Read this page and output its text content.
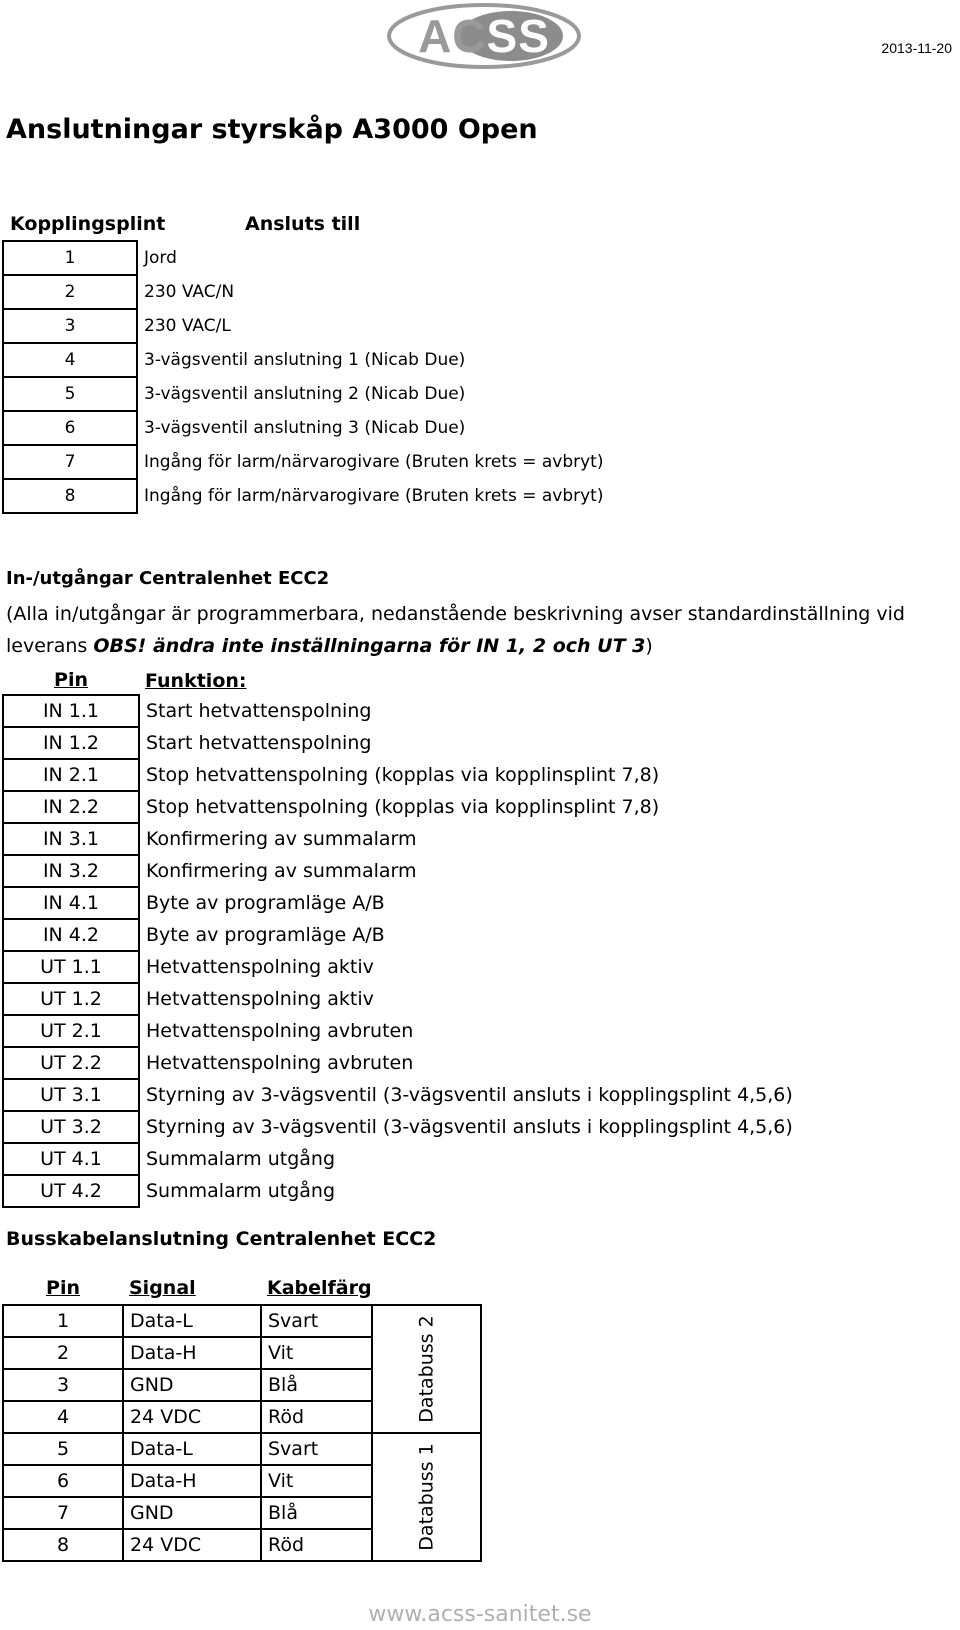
ACSS	2013-11-20
Anslutningar styrskåp A3000 Open
Kopplingsplint	Ansluts till
1	Jord
2	230 VAC/N
3	230 VAC/L
4	3-vägsventil anslutning 1 (Nicab Due)
5	3-vägsventil anslutning 2 (Nicab Due)
6	3-vägsventil anslutning 3 (Nicab Due)
7	Ingång för larm/närvarogivare (Bruten krets = avbryt)
8	Ingång för larm/närvarogivare (Bruten krets = avbryt)
In-/utgångar Centralenhet ECC2
(Alla in/utgångar är programmerbara, nedanstående beskrivning avser standardinställning vid leverans OBS! ändra inte inställningarna för IN 1, 2 och UT 3)
Pin	Funktion:
IN 1.1	Start hetvattenspolning
IN 1.2	Start hetvattenspolning
IN 2.1	Stop hetvattenspolning (kopplas via kopplinsplint 7,8)
IN 2.2	Stop hetvattenspolning (kopplas via kopplinsplint 7,8)
IN 3.1	Konfirmering av summalarm
IN 3.2	Konfirmering av summalarm
IN 4.1	Byte av programläge A/B
IN 4.2	Byte av programläge A/B
UT 1.1	Hetvattenspolning aktiv
UT 1.2	Hetvattenspolning aktiv
UT 2.1	Hetvattenspolning avbruten
UT 2.2	Hetvattenspolning avbruten
UT 3.1	Styrning av 3-vägsventil (3-vägsventil ansluts i kopplingsplint 4,5,6)
UT 3.2	Styrning av 3-vägsventil (3-vägsventil ansluts i kopplingsplint 4,5,6)
UT 4.1	Summalarm utgång
UT 4.2	Summalarm utgång
Busskabelanslutning Centralenhet ECC2
Pin	Signal	Kabelfärg	
1	Data-L	Svart	Databuss 2
2	Data-H	Vit	
3	GND	Blå	
4	24 VDC	Röd	
5	Data-L	Svart	Databuss 1
6	Data-H	Vit	
7	GND	Blå	
8	24 VDC	Röd	
www.acss-sanitet.se
